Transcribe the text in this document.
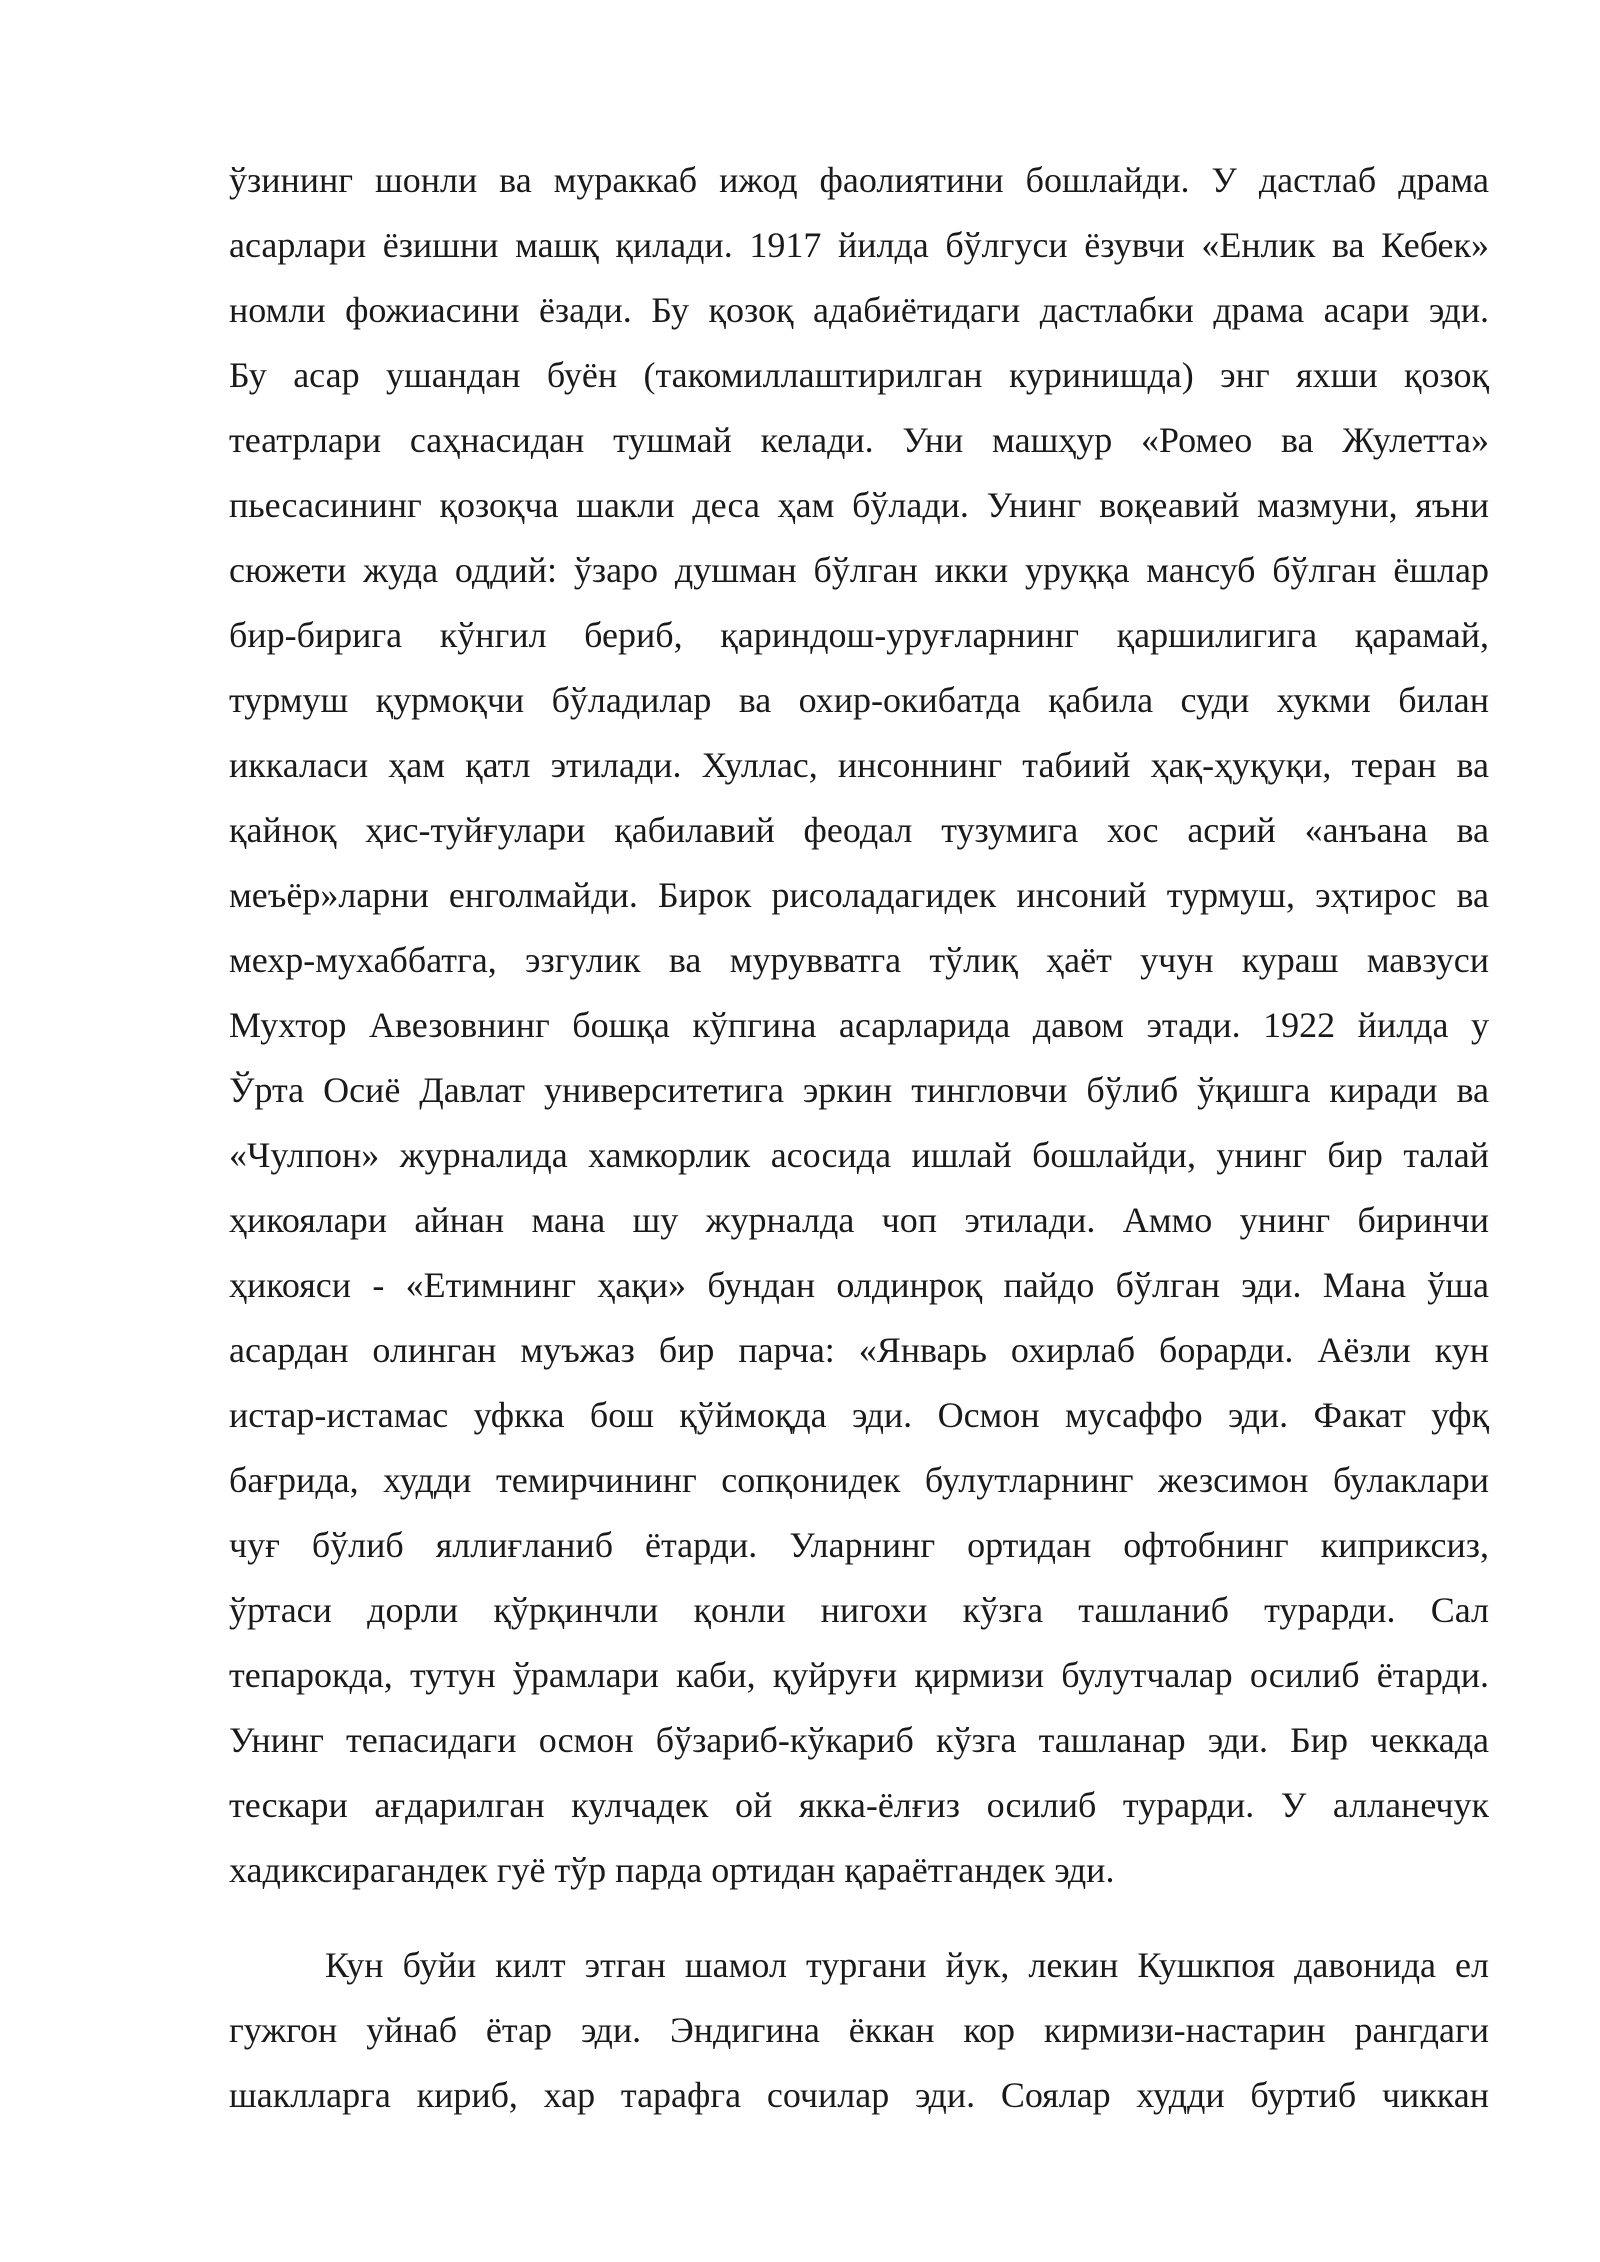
ўзининг шонли ва мураккаб ижод фаолиятини бошлайди. У дастлаб драма
асарлари ёзишни машқ қилади. 1917 йилда бўлгуси ёзувчи «Енлик ва Кебек»
номли фожиасини ёзади. Бу қозоқ адабиётидаги дастлабки драма асари эди.
Бу асар ушандан буён (такомиллаштирилган куринишда) энг яхши қозоқ
театрлари саҳнасидан тушмай келади. Уни машҳур «Ромео ва Жулетта»
пьесасининг қозоқча шакли деса ҳам бўлади. Унинг воқеавий мазмуни, яъни
сюжети жуда оддий: ўзаро душман бўлган икки уруққа мансуб бўлган ёшлар
бир-бирига кўнгил бериб, қариндош-уруғларнинг қаршилигига қарамай,
турмуш қурмоқчи бўладилар ва охир-окибатда қабила суди хукми билан
иккаласи ҳам қатл этилади. Хуллас, инсоннинг табиий ҳақ-ҳуқуқи, теран ва
қайноқ ҳис-туйғулари қабилавий феодал тузумига хос асрий «анъана ва
меъёр»ларни енголмайди. Бирок рисоладагидек инсоний турмуш, эҳтирос ва
мехр-мухаббатга, эзгулик ва мурувватга тўлиқ ҳаёт учун кураш мавзуси
Мухтор Авезовнинг бошқа кўпгина асарларида давом этади. 1922 йилда у
Ўрта Осиё Давлат университетига эркин тингловчи бўлиб ўқишга киради ва
«Чулпон» журналида хамкорлик асосида ишлай бошлайди, унинг бир талай
ҳикоялари айнан мана шу журналда чоп этилади. Аммо унинг биринчи
ҳикояси - «Етимнинг ҳақи» бундан олдинроқ пайдо бўлган эди. Мана ўша
асардан олинган муъжаз бир парча: «Январь охирлаб борарди. Аёзли кун
истар-истамас уфкка бош қўймоқда эди. Осмон мусаффо эди. Факат уфқ
бағрида, худди темирчининг сопқонидек булутларнинг жезсимон булаклари
чуғ бўлиб яллиғланиб ётарди. Уларнинг ортидан офтобнинг киприксиз,
ўртаси дорли қўрқинчли қонли нигохи кўзга ташланиб турарди. Сал
тепарокда, тутун ўрамлари каби, қуйруғи қирмизи булутчалар осилиб ётарди.
Унинг тепасидаги осмон бўзариб-кўкариб кўзга ташланар эди. Бир чеккада
тескари ағдарилган кулчадек ой якка-ёлғиз осилиб турарди. У алланечук
хадиксирагандек гуё тўр парда ортидан қараётгандек эди.
Кун буйи килт этган шамол тургани йук, лекин Кушкпоя давонида ел
гужгон уйнаб ётар эди. Эндигина ёккан кор кирмизи-настарин рангдаги
шаклларга кириб, хар тарафга сочилар эди. Соялар худди буртиб чиккан
